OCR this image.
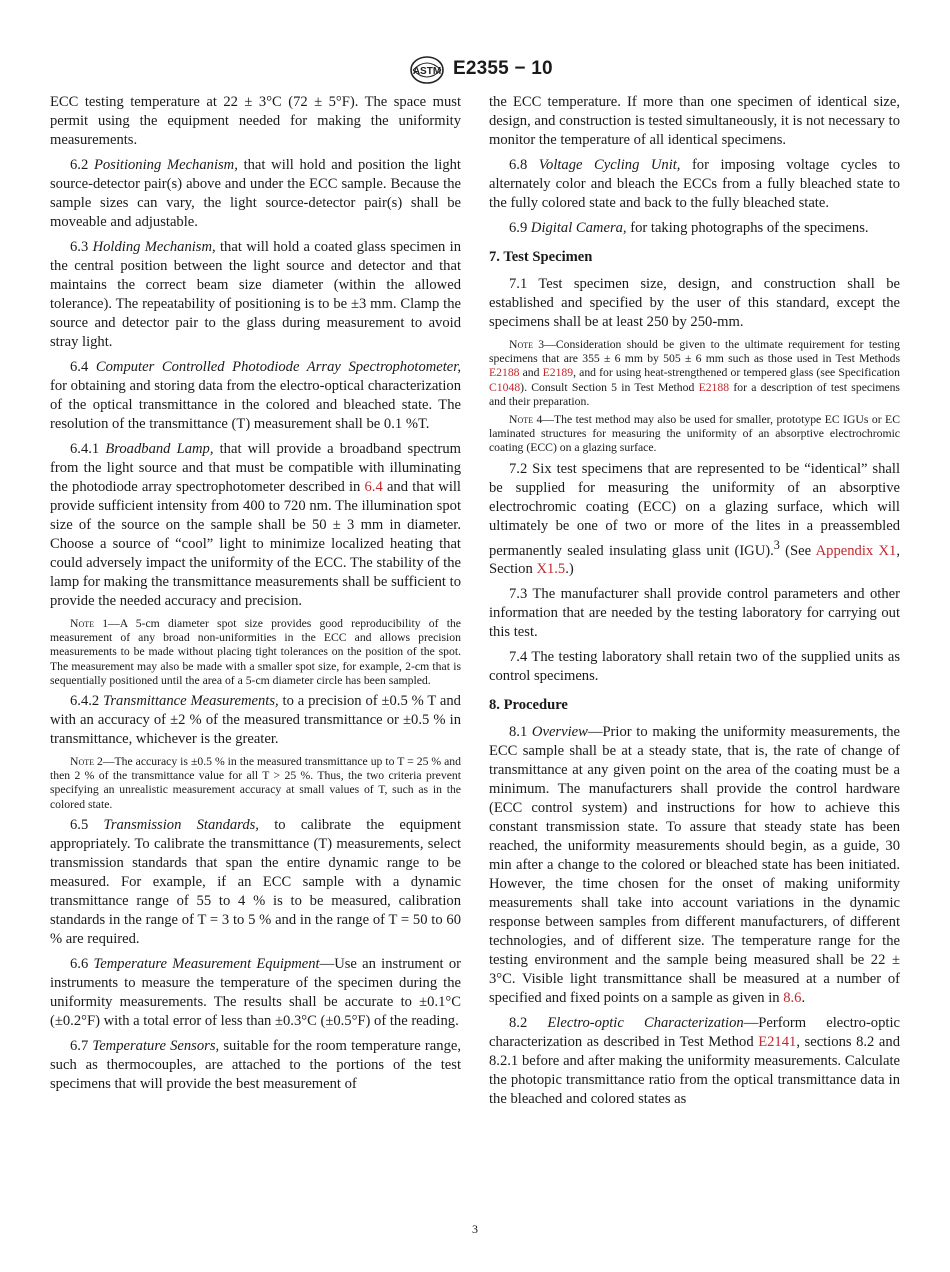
ASTM E2355 − 10

ECC testing temperature at 22 ± 3°C (72 ± 5°F). The space must permit using the equipment needed for making the uniformity measurements.

6.2 Positioning Mechanism, that will hold and position the light source-detector pair(s) above and under the ECC sample. Because the sample sizes can vary, the light source-detector pair(s) shall be moveable and adjustable.

6.3 Holding Mechanism, that will hold a coated glass specimen in the central position between the light source and detector and that maintains the correct beam size diameter (within the allowed tolerance). The repeatability of positioning is to be ±3 mm. Clamp the source and detector pair to the glass during measurement to avoid stray light.

6.4 Computer Controlled Photodiode Array Spectrophotometer, for obtaining and storing data from the electro-optical characterization of the optical transmittance in the colored and bleached state. The resolution of the transmittance (T) measurement shall be 0.1 %T.

6.4.1 Broadband Lamp, that will provide a broadband spectrum from the light source and that must be compatible with illuminating the photodiode array spectrophotometer described in 6.4 and that will provide sufficient intensity from 400 to 720 nm. The illumination spot size of the source on the sample shall be 50 ± 3 mm in diameter. Choose a source of “cool” light to minimize localized heating that could adversely impact the uniformity of the ECC. The stability of the lamp for making the transmittance measurements shall be sufficient to provide the needed accuracy and precision.

Note 1—A 5-cm diameter spot size provides good reproducibility of the measurement of any broad non-uniformities in the ECC and allows precision measurements to be made without placing tight tolerances on the position of the spot. The measurement may also be made with a smaller spot size, for example, 2-cm that is sequentially positioned until the area of a 5-cm diameter circle has been sampled.

6.4.2 Transmittance Measurements, to a precision of ±0.5 % T and with an accuracy of ±2 % of the measured transmittance or ±0.5 % in transmittance, whichever is the greater.

Note 2—The accuracy is ±0.5 % in the measured transmittance up to T = 25 % and then 2 % of the transmittance value for all T > 25 %. Thus, the two criteria prevent specifying an unrealistic measurement accuracy at small values of T, such as in the colored state.

6.5 Transmission Standards, to calibrate the equipment appropriately. To calibrate the transmittance (T) measurements, select transmission standards that span the entire dynamic range to be measured. For example, if an ECC sample with a dynamic transmittance range of 55 to 4 % is to be measured, calibration standards in the range of T = 3 to 5 % and in the range of T = 50 to 60 % are required.

6.6 Temperature Measurement Equipment—Use an instrument or instruments to measure the temperature of the specimen during the uniformity measurements. The results shall be accurate to ±0.1°C (±0.2°F) with a total error of less than ±0.3°C (±0.5°F) of the reading.

6.7 Temperature Sensors, suitable for the room temperature range, such as thermocouples, are attached to the portions of the test specimens that will provide the best measurement of

the ECC temperature. If more than one specimen of identical size, design, and construction is tested simultaneously, it is not necessary to monitor the temperature of all identical specimens.

6.8 Voltage Cycling Unit, for imposing voltage cycles to alternately color and bleach the ECCs from a fully bleached state to the fully colored state and back to the fully bleached state.

6.9 Digital Camera, for taking photographs of the specimens.

7. Test Specimen

7.1 Test specimen size, design, and construction shall be established and specified by the user of this standard, except the specimens shall be at least 250 by 250-mm.

Note 3—Consideration should be given to the ultimate requirement for testing specimens that are 355 ± 6 mm by 505 ± 6 mm such as those used in Test Methods E2188 and E2189, and for using heat-strengthened or tempered glass (see Specification C1048). Consult Section 5 in Test Method E2188 for a description of test specimens and their preparation.

Note 4—The test method may also be used for smaller, prototype EC IGUs or EC laminated structures for measuring the uniformity of an absorptive electrochromic coating (ECC) on a glazing surface.

7.2 Six test specimens that are represented to be “identical” shall be supplied for measuring the uniformity of an absorptive electrochromic coating (ECC) on a glazing surface, which will ultimately be one of two or more of the lites in a preassembled permanently sealed insulating glass unit (IGU).$^3$ (See Appendix X1, Section X1.5.)

7.3 The manufacturer shall provide control parameters and other information that are needed by the testing laboratory for carrying out this test.

7.4 The testing laboratory shall retain two of the supplied units as control specimens.

8. Procedure

8.1 Overview—Prior to making the uniformity measurements, the ECC sample shall be at a steady state, that is, the rate of change of transmittance at any given point on the area of the coating must be a minimum. The manufacturers shall provide the control hardware (ECC control system) and instructions for how to achieve this constant transmission state. To assure that steady state has been reached, the uniformity measurements should begin, as a guide, 30 min after a change to the colored or bleached state has been initiated. However, the time chosen for the onset of making uniformity measurements shall take into account variations in the dynamic response between samples from different manufacturers, of different technologies, and of different size. The temperature range for the testing environment and the sample being measured shall be 22 ± 3°C. Visible light transmittance shall be measured at a number of specified and fixed points on a sample as given in 8.6.

8.2 Electro-optic Characterization—Perform electro-optic characterization as described in Test Method E2141, sections 8.2 and 8.2.1 before and after making the uniformity measurements. Calculate the photopic transmittance ratio from the optical transmittance data in the bleached and colored states as

3
